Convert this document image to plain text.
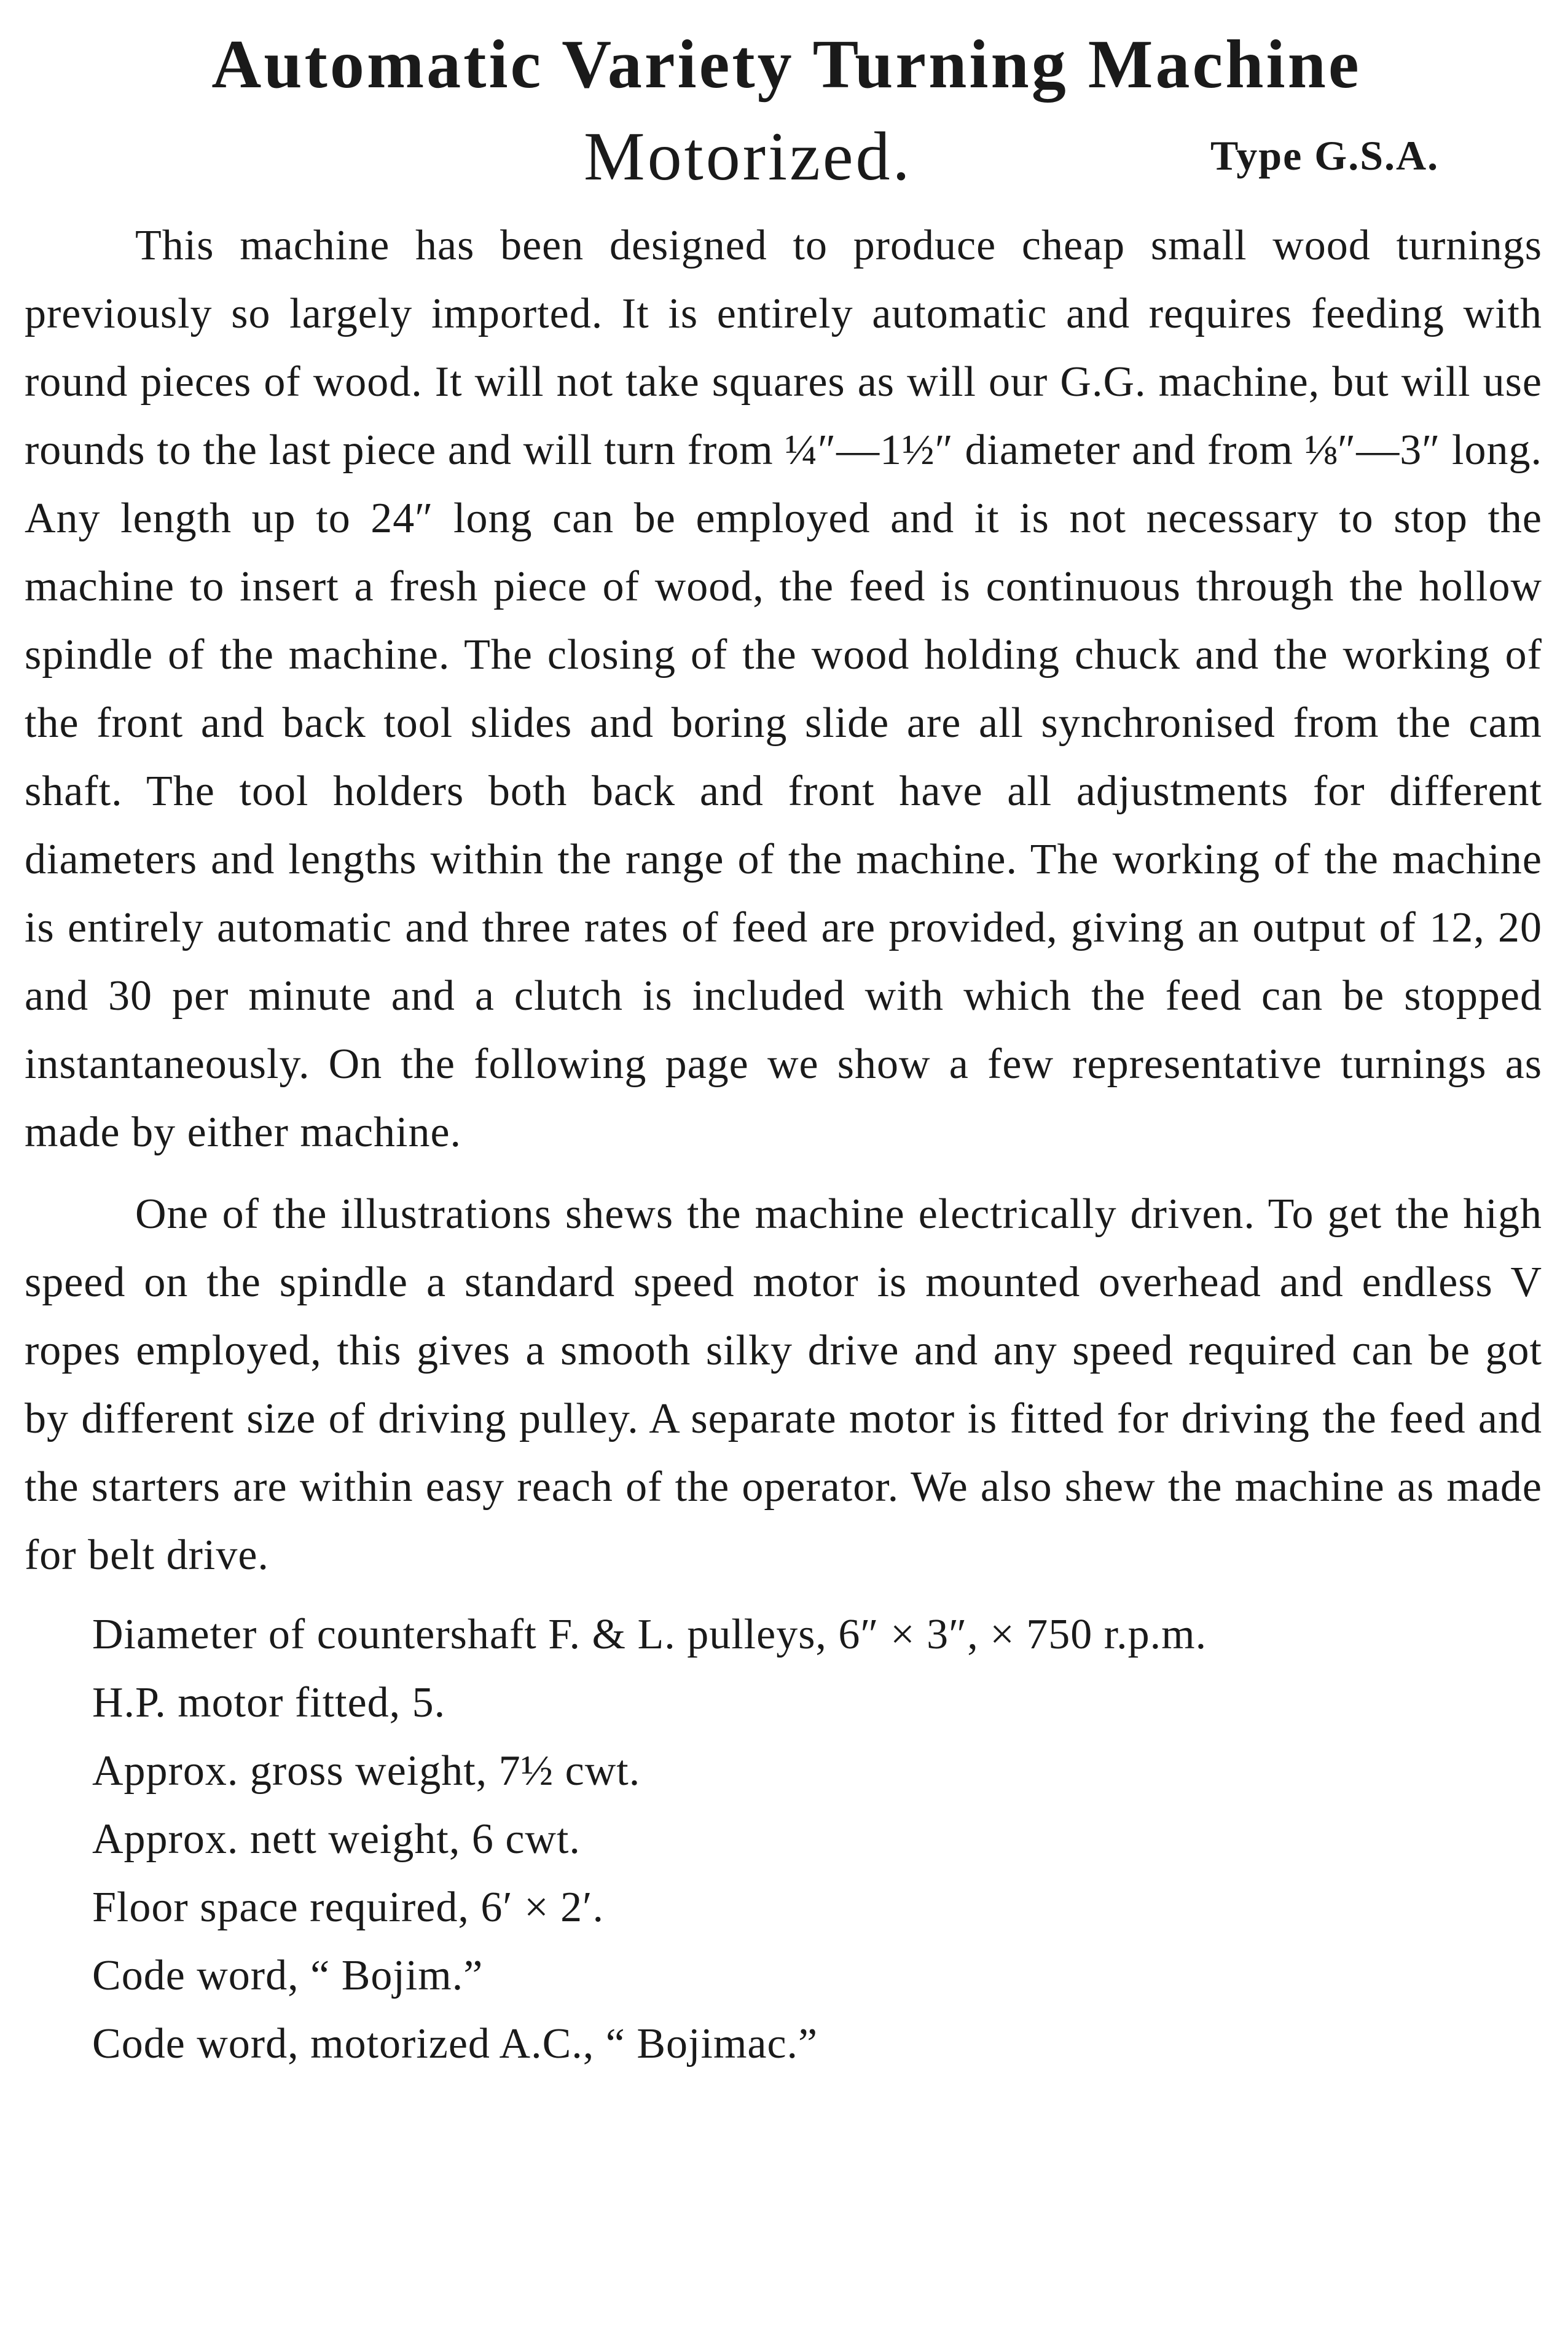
Automatic Variety Turning Machine
Motorized.	Type G.S.A.

This machine has been designed to produce cheap small wood turnings previously so largely imported. It is entirely automatic and requires feeding with round pieces of wood. It will not take squares as will our G.G. machine, but will use rounds to the last piece and will turn from ¼″—1½″ diameter and from ⅛″—3″ long. Any length up to 24″ long can be employed and it is not necessary to stop the machine to insert a fresh piece of wood, the feed is continuous through the hollow spindle of the machine. The closing of the wood holding chuck and the working of the front and back tool slides and boring slide are all synchronised from the cam shaft. The tool holders both back and front have all adjustments for different diameters and lengths within the range of the machine. The working of the machine is entirely automatic and three rates of feed are provided, giving an output of 12, 20 and 30 per minute and a clutch is included with which the feed can be stopped instantaneously. On the following page we show a few representative turnings as made by either machine.

One of the illustrations shews the machine electrically driven. To get the high speed on the spindle a standard speed motor is mounted overhead and endless V ropes employed, this gives a smooth silky drive and any speed required can be got by different size of driving pulley. A separate motor is fitted for driving the feed and the starters are within easy reach of the operator. We also shew the machine as made for belt drive.

Diameter of countershaft F. & L. pulleys, 6″ × 3″, × 750 r.p.m.
H.P. motor fitted, 5.
Approx. gross weight, 7½ cwt.
Approx. nett weight, 6 cwt.
Floor space required, 6′ × 2′.
Code word, “ Bojim.”
Code word, motorized A.C., “ Bojimac.”
